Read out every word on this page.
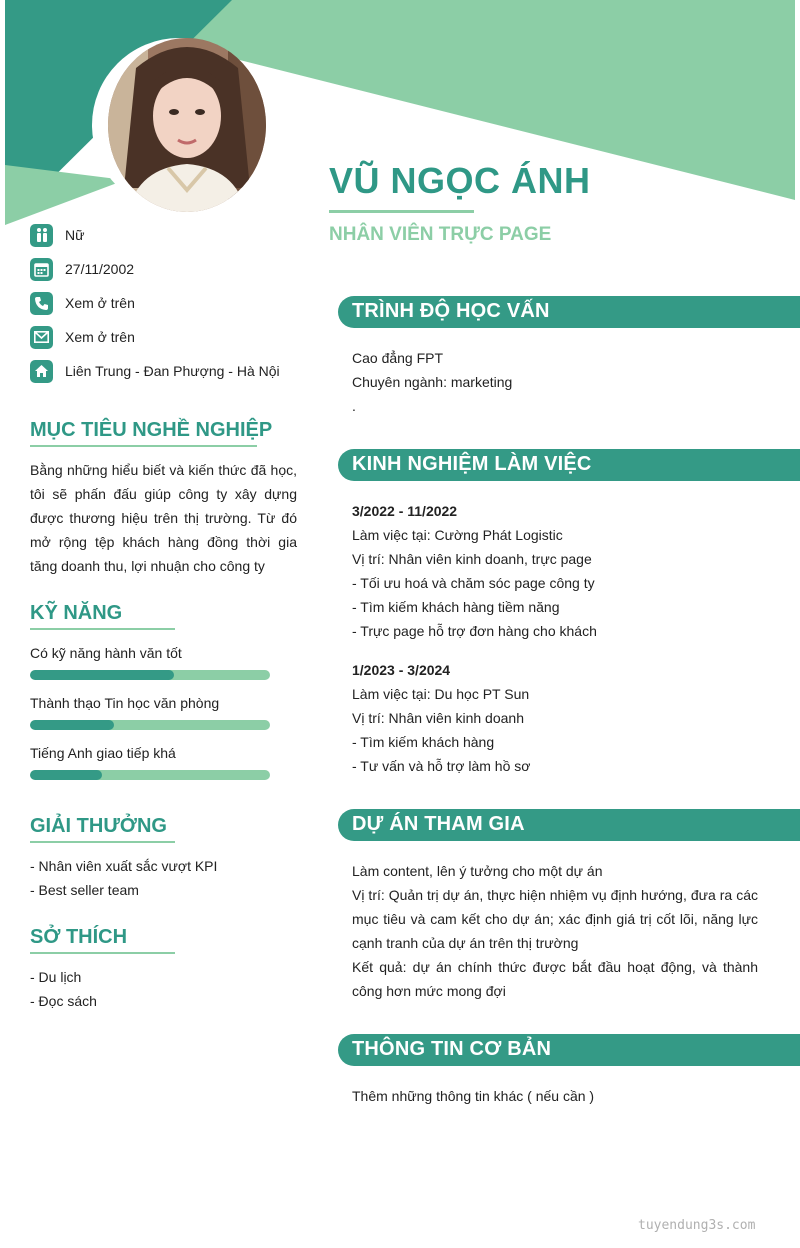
VŨ NGỌC ÁNH
NHÂN VIÊN TRỰC PAGE
Nữ
27/11/2002
Xem ở trên
Xem ở trên
Liên Trung - Đan Phượng - Hà Nội
MỤC TIÊU NGHỀ NGHIỆP

Bằng những hiểu biết và kiến thức đã học, tôi sẽ phấn đấu giúp công ty xây dựng được thương hiệu trên thị trường. Từ đó mở rộng tệp khách hàng đồng thời gia tăng doanh thu, lợi nhuận cho công ty

KỸ NĂNG
Có kỹ năng hành văn tốt
Thành thạo Tin học văn phòng
Tiếng Anh giao tiếp khá
GIẢI THƯỞNG
- Nhân viên xuất sắc vượt KPI
- Best seller team
SỞ THÍCH
- Du lịch
- Đọc sách
TRÌNH ĐỘ HỌC VẤN
Cao đẳng FPT
Chuyên ngành: marketing
.
KINH NGHIỆM LÀM VIỆC
3/2022 - 11/2022
Làm việc tại: Cường Phát Logistic
Vị trí: Nhân viên kinh doanh, trực page
- Tối ưu hoá và chăm sóc page công ty
- Tìm kiếm khách hàng tiềm năng
- Trực page hỗ trợ đơn hàng cho khách
1/2023 - 3/2024
Làm việc tại: Du học PT Sun
Vị trí: Nhân viên kinh doanh
- Tìm kiếm khách hàng
- Tư vấn và hỗ trợ làm hồ sơ
DỰ ÁN THAM GIA

Làm content, lên ý tưởng cho một dự án
Vị trí: Quản trị dự án, thực hiện nhiệm vụ định hướng, đưa ra các mục tiêu và cam kết cho dự án; xác định giá trị cốt lõi, năng lực cạnh tranh của dự án trên thị trường
Kết quả: dự án chính thức được bắt đầu hoạt động, và thành công hơn mức mong đợi

THÔNG TIN CƠ BẢN
Thêm những thông tin khác ( nếu cần )
tuyendung3s.com
